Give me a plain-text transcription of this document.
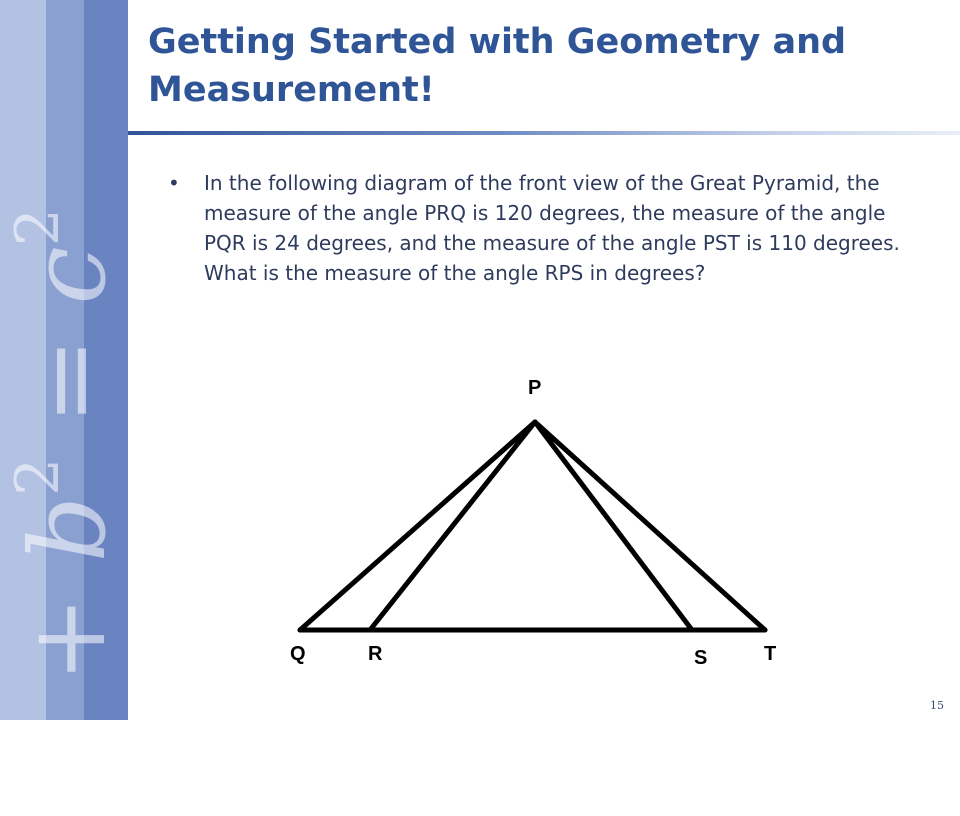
$a^2 + b^2 = c^2$
Getting Started with Geometry and Measurement!
• In the following diagram of the front view of the Great Pyramid, the measure of the angle PRQ is 120 degrees, the measure of the angle PQR is 24 degrees, and the measure of the angle PST is 110 degrees. What is the measure of the angle RPS in degrees?

P
Q	R	S	T
15
